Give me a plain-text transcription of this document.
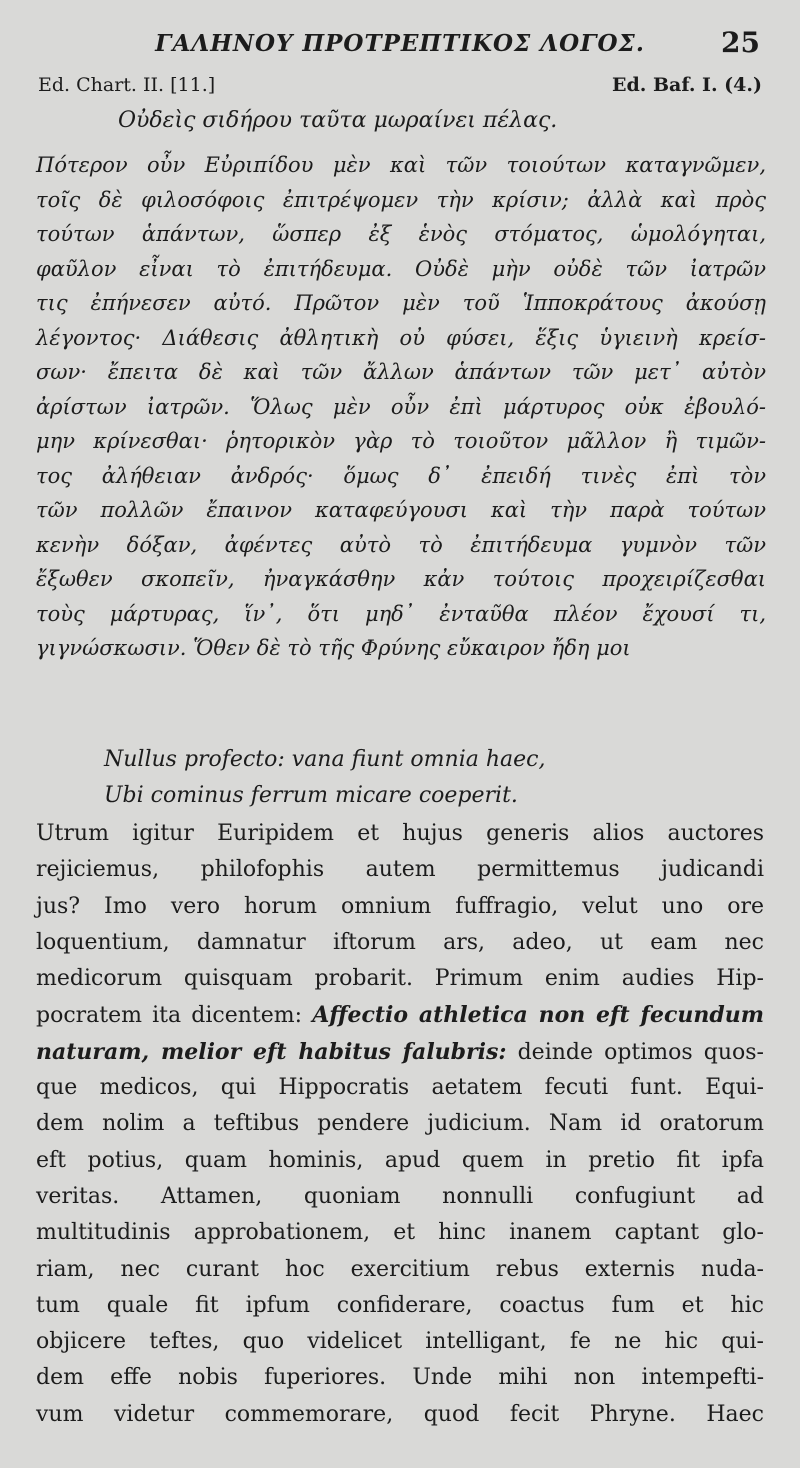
ΓΑΛΗΝΟΥ ΠΡΟΤΡΕΠΤΙΚΟΣ ΛΟΓΟΣ.	25
Ed. Chart. II. [11.]	Ed. Baf. I. (4.)
Οὐδεὶς σιδήρου ταῦτα μωραίνει πέλας.
Πότερον οὖν Εὐριπίδου μὲν καὶ τῶν τοιούτων καταγνῶμεν,
τοῖς δὲ φιλοσόφοις ἐπιτρέψομεν τὴν κρίσιν; ἀλλὰ καὶ πρὸς
τούτων ἁπάντων, ὥσπερ ἐξ ἑνὸς στόματος, ὡμολόγηται,
φαῦλον εἶναι τὸ ἐπιτήδευμα. Οὐδὲ μὴν οὐδὲ τῶν ἰατρῶν
τις ἐπήνεσεν αὐτό. Πρῶτον μὲν τοῦ Ἱπποκράτους ἀκούσῃ
λέγοντος· Διάθεσις ἀθλητικὴ οὐ φύσει, ἕξις ὑγιεινὴ κρείσ-
σων· ἔπειτα δὲ καὶ τῶν ἄλλων ἁπάντων τῶν μετ᾽ αὐτὸν
ἀρίστων ἰατρῶν. Ὅλως μὲν οὖν ἐπὶ μάρτυρος οὐκ ἐβουλό-
μην κρίνεσθαι· ῥητορικὸν γὰρ τὸ τοιοῦτον μᾶλλον ἢ τιμῶν-
τος ἀλήθειαν ἀνδρός· ὅμως δ᾽ ἐπειδή τινὲς ἐπὶ τὸν
τῶν πολλῶν ἔπαινον καταφεύγουσι καὶ τὴν παρὰ τούτων
κενὴν δόξαν, ἀφέντες αὐτὸ τὸ ἐπιτήδευμα γυμνὸν τῶν
ἔξωθεν σκοπεῖν, ἠναγκάσθην κἀν τούτοις προχειρίζεσθαι
τοὺς μάρτυρας, ἵν᾽, ὅτι μηδ᾽ ἐνταῦθα πλέον ἔχουσί τι,
γιγνώσκωσιν. Ὅθεν δὲ τὸ τῆς Φρύνης εὔκαιρον ἤδη μοι
Nullus profecto: vana fiunt omnia haec,
Ubi cominus ferrum micare coeperit.
Utrum igitur Euripidem et hujus generis alios auctores
rejiciemus, philofophis autem permittemus judicandi
jus? Imo vero horum omnium fuffragio, velut uno ore
loquentium, damnatur iftorum ars, adeo, ut eam nec
medicorum quisquam probarit. Primum enim audies Hip-
pocratem ita dicentem: Affectio athletica non eft fecundum
naturam, melior eft habitus falubris: deinde optimos quos-
que medicos, qui Hippocratis aetatem fecuti funt. Equi-
dem nolim a teftibus pendere judicium. Nam id oratorum
eft potius, quam hominis, apud quem in pretio fit ipfa
veritas. Attamen, quoniam nonnulli confugiunt ad
multitudinis approbationem, et hinc inanem captant glo-
riam, nec curant hoc exercitium rebus externis nuda-
tum quale fit ipfum confiderare, coactus fum et hic
objicere teftes, quo videlicet intelligant, fe ne hic qui-
dem effe nobis fuperiores. Unde mihi non intempefti-
vum videtur commemorare, quod fecit Phryne. Haec
